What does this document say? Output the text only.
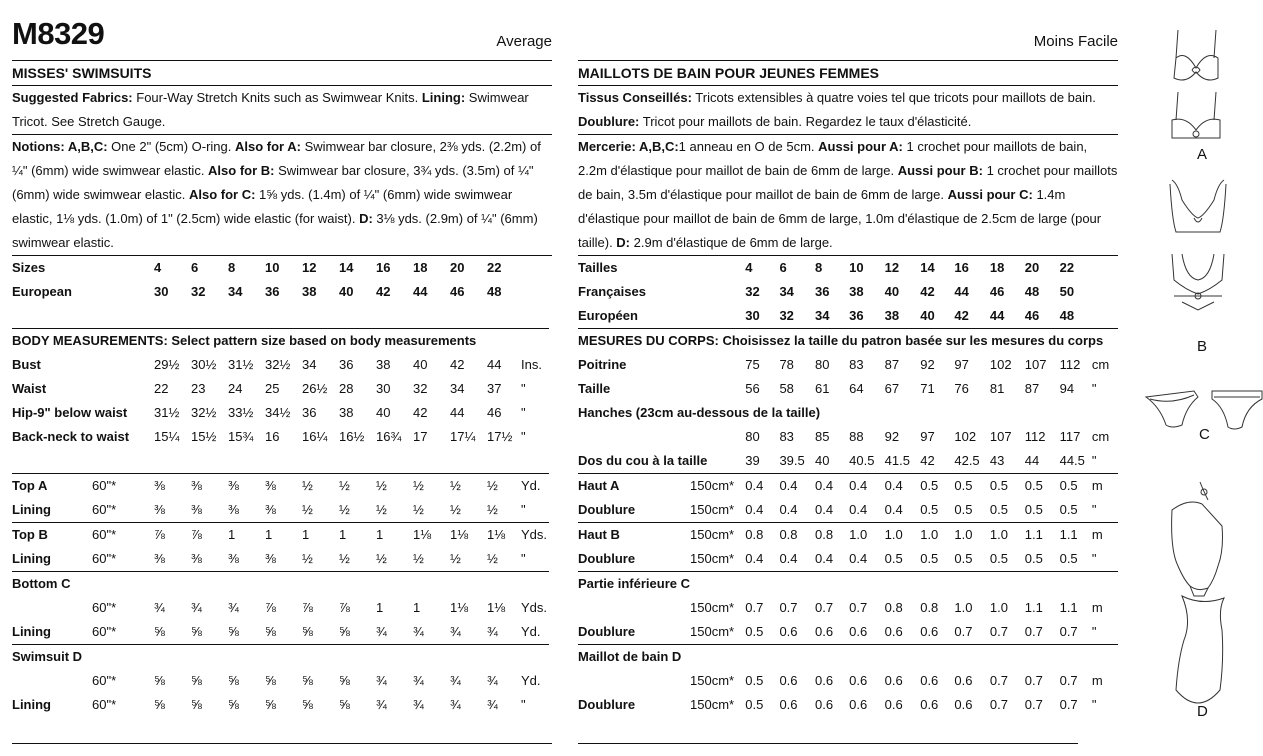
M8329	Average
MISSES' SWIMSUITS
Suggested Fabrics: Four-Way Stretch Knits such as Swimwear Knits. Lining: Swimwear Tricot. See Stretch Gauge.
Notions: A,B,C: One 2" (5cm) O-ring. Also for A: Swimwear bar closure, 2⅜ yds. (2.2m) of ¼" (6mm) wide swimwear elastic. Also for B: Swimwear bar closure, 3¾ yds. (3.5m) of ¼" (6mm) wide swimwear elastic. Also for C: 1⅝ yds. (1.4m) of ¼" (6mm) wide swimwear elastic, 1⅛ yds. (1.0m) of 1" (2.5cm) wide elastic (for waist). D: 3⅛ yds. (2.9m) of ¼" (6mm) swimwear elastic.
Sizes		4	6	8	10	12	14	16	18	20	22	
European		30	32	34	36	38	40	42	44	46	48	

BODY MEASUREMENTS: Select pattern size based on body measurements												
Bust		29½	30½	31½	32½	34	36	38	40	42	44	Ins.
Waist		22	23	24	25	26½	28	30	32	34	37	"
Hip-9" below waist		31½	32½	33½	34½	36	38	40	42	44	46	"
Back-neck to waist		15¼	15½	15¾	16	16¼	16½	16¾	17	17¼	17½	"

Top A	60"*	⅜	⅜	⅜	⅜	½	½	½	½	½	½	Yd.
Lining	60"*	⅜	⅜	⅜	⅜	½	½	½	½	½	½	"
Top B	60"*	⅞	⅞	1	1	1	1	1	1⅛	1⅛	1⅛	Yds.
Lining	60"*	⅜	⅜	⅜	⅜	½	½	½	½	½	½	"
Bottom C												
	60"*	¾	¾	¾	⅞	⅞	⅞	1	1	1⅛	1⅛	Yds.
Lining	60"*	⅝	⅝	⅝	⅝	⅝	⅝	¾	¾	¾	¾	Yd.
Swimsuit D												
	60"*	⅝	⅝	⅝	⅝	⅝	⅝	¾	¾	¾	¾	Yd.
Lining	60"*	⅝	⅝	⅝	⅝	⅝	⅝	¾	¾	¾	¾	"
Moins Facile
MAILLOTS DE BAIN POUR JEUNES FEMMES
Tissus Conseillés: Tricots extensibles à quatre voies tel que tricots pour maillots de bain. Doublure: Tricot pour maillots de bain. Regardez le taux d'élasticité.
Mercerie: A,B,C:1 anneau en O de 5cm. Aussi pour A: 1 crochet pour maillots de bain, 2.2m d'élastique pour maillot de bain de 6mm de large. Aussi pour B: 1 crochet pour maillots de bain, 3.5m d'élastique pour maillot de bain de 6mm de large. Aussi pour C: 1.4m d'élastique pour maillot de bain de 6mm de large, 1.0m d'élastique de 2.5cm de large (pour taille). D: 2.9m d'élastique de 6mm de large.
Tailles		4	6	8	10	12	14	16	18	20	22	
Françaises		32	34	36	38	40	42	44	46	48	50	
Européen		30	32	34	36	38	40	42	44	46	48	
MESURES DU CORPS: Choisissez la taille du patron basée sur les mesures du corps												
Poitrine		75	78	80	83	87	92	97	102	107	112	cm
Taille		56	58	61	64	67	71	76	81	87	94	"
Hanches (23cm au-dessous de la taille)												
		80	83	85	88	92	97	102	107	112	117	cm
Dos du cou à la taille		39	39.5	40	40.5	41.5	42	42.5	43	44	44.5	"
Haut A	150cm*	0.4	0.4	0.4	0.4	0.4	0.5	0.5	0.5	0.5	0.5	m
Doublure	150cm*	0.4	0.4	0.4	0.4	0.4	0.5	0.5	0.5	0.5	0.5	"
Haut B	150cm*	0.8	0.8	0.8	1.0	1.0	1.0	1.0	1.0	1.1	1.1	m
Doublure	150cm*	0.4	0.4	0.4	0.4	0.5	0.5	0.5	0.5	0.5	0.5	"
Partie inférieure C												
	150cm*	0.7	0.7	0.7	0.7	0.8	0.8	1.0	1.0	1.1	1.1	m
Doublure	150cm*	0.5	0.6	0.6	0.6	0.6	0.6	0.7	0.7	0.7	0.7	"
Maillot de bain D												
	150cm*	0.5	0.6	0.6	0.6	0.6	0.6	0.6	0.7	0.7	0.7	m
Doublure	150cm*	0.5	0.6	0.6	0.6	0.6	0.6	0.6	0.7	0.7	0.7	"
A
B
C
D
